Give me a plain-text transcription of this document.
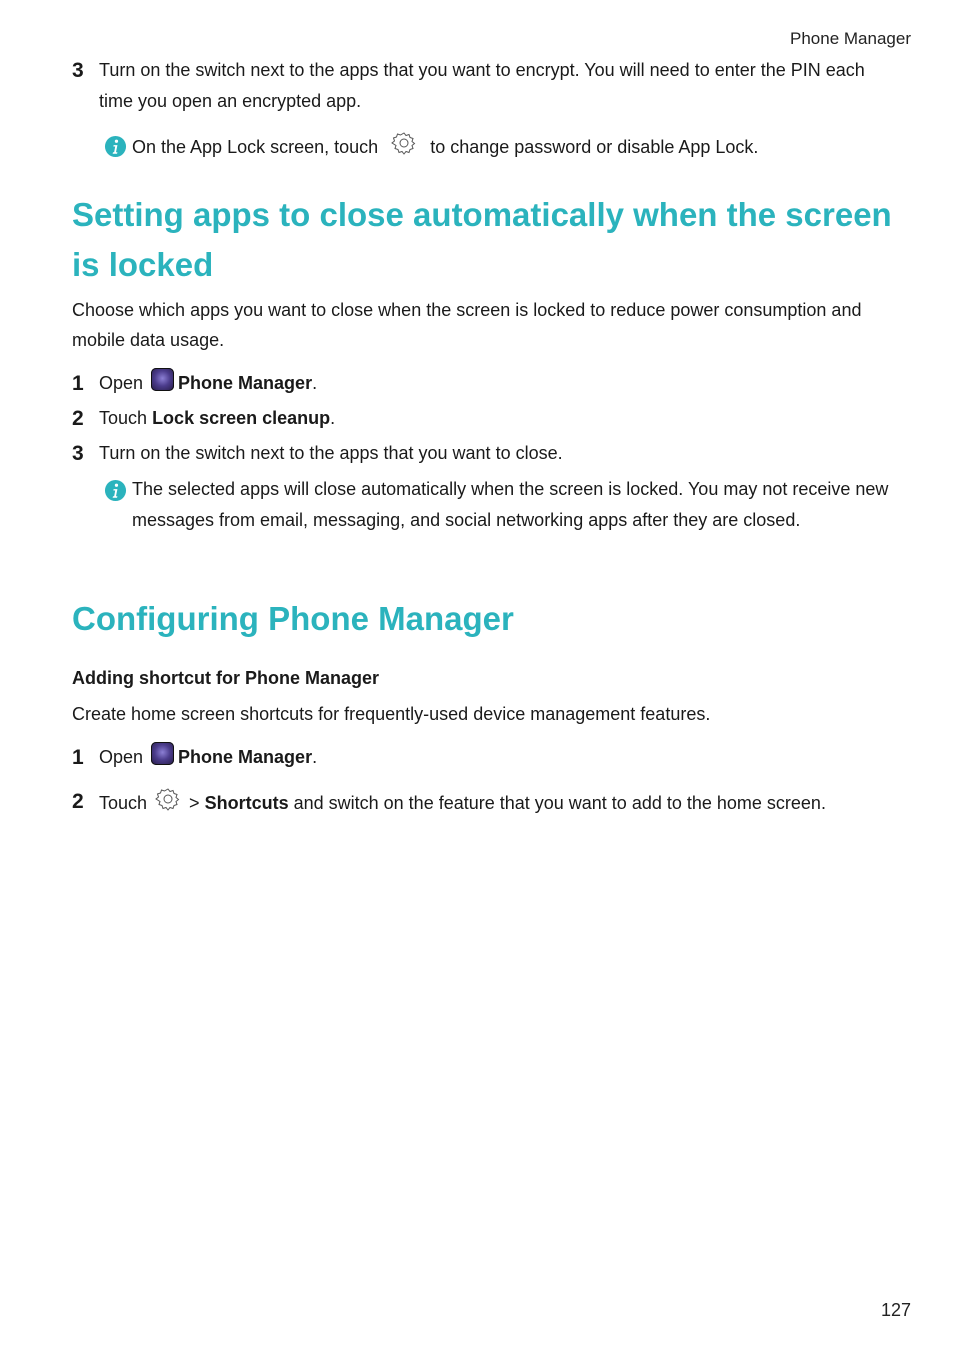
Phone Manager
3 Turn on the switch next to the apps that you want to encrypt. You will need to enter the PIN each time you open an encrypted app.
On the App Lock screen, touch	to change password or disable App Lock.
Setting apps to close automatically when the screen is locked
Choose which apps you want to close when the screen is locked to reduce power consumption and mobile data usage.
1 Open Phone Manager.
2 Touch Lock screen cleanup.
3 Turn on the switch next to the apps that you want to close.
The selected apps will close automatically when the screen is locked. You may not receive new messages from email, messaging, and social networking apps after they are closed.
Configuring Phone Manager
Adding shortcut for Phone Manager
Create home screen shortcuts for frequently-used device management features.
1 Open Phone Manager.
2 Touch > Shortcuts and switch on the feature that you want to add to the home screen.
127
